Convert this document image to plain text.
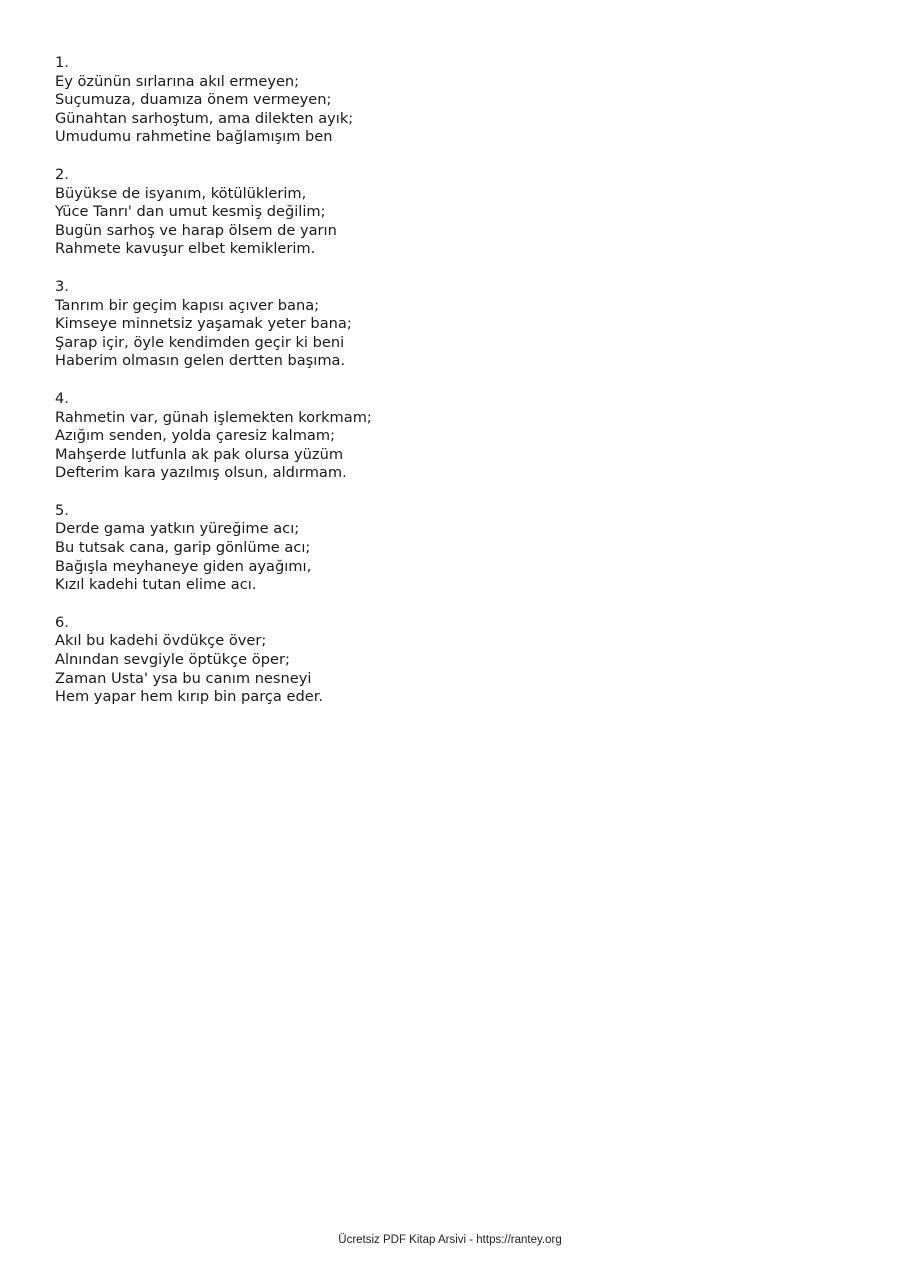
1.
Ey özünün sırlarına akıl ermeyen;
Suçumuza, duamıza önem vermeyen;
Günahtan sarhoştum, ama dilekten ayık;
Umudumu rahmetine bağlamışım ben
2.
Büyükse de isyanım, kötülüklerim,
Yüce Tanrı' dan umut kesmiş değilim;
Bugün sarhoş ve harap ölsem de yarın
Rahmete kavuşur elbet kemiklerim.
3.
Tanrım bir geçim kapısı açıver bana;
Kimseye minnetsiz yaşamak yeter bana;
Şarap içir, öyle kendimden geçir ki beni
Haberim olmasın gelen dertten başıma.
4.
Rahmetin var, günah işlemekten korkmam;
Azığım senden, yolda çaresiz kalmam;
Mahşerde lutfunla ak pak olursa yüzüm
Defterim kara yazılmış olsun, aldırmam.
5.
Derde gama yatkın yüreğime acı;
Bu tutsak cana, garip gönlüme acı;
Bağışla meyhaneye giden ayağımı,
Kızıl kadehi tutan elime acı.
6.
Akıl bu kadehi övdükçe över;
Alnından sevgiyle öptükçe öper;
Zaman Usta' ysa bu canım nesneyi
Hem yapar hem kırıp bin parça eder.
Ücretsiz PDF Kitap Arsivi - https://rantey.org
